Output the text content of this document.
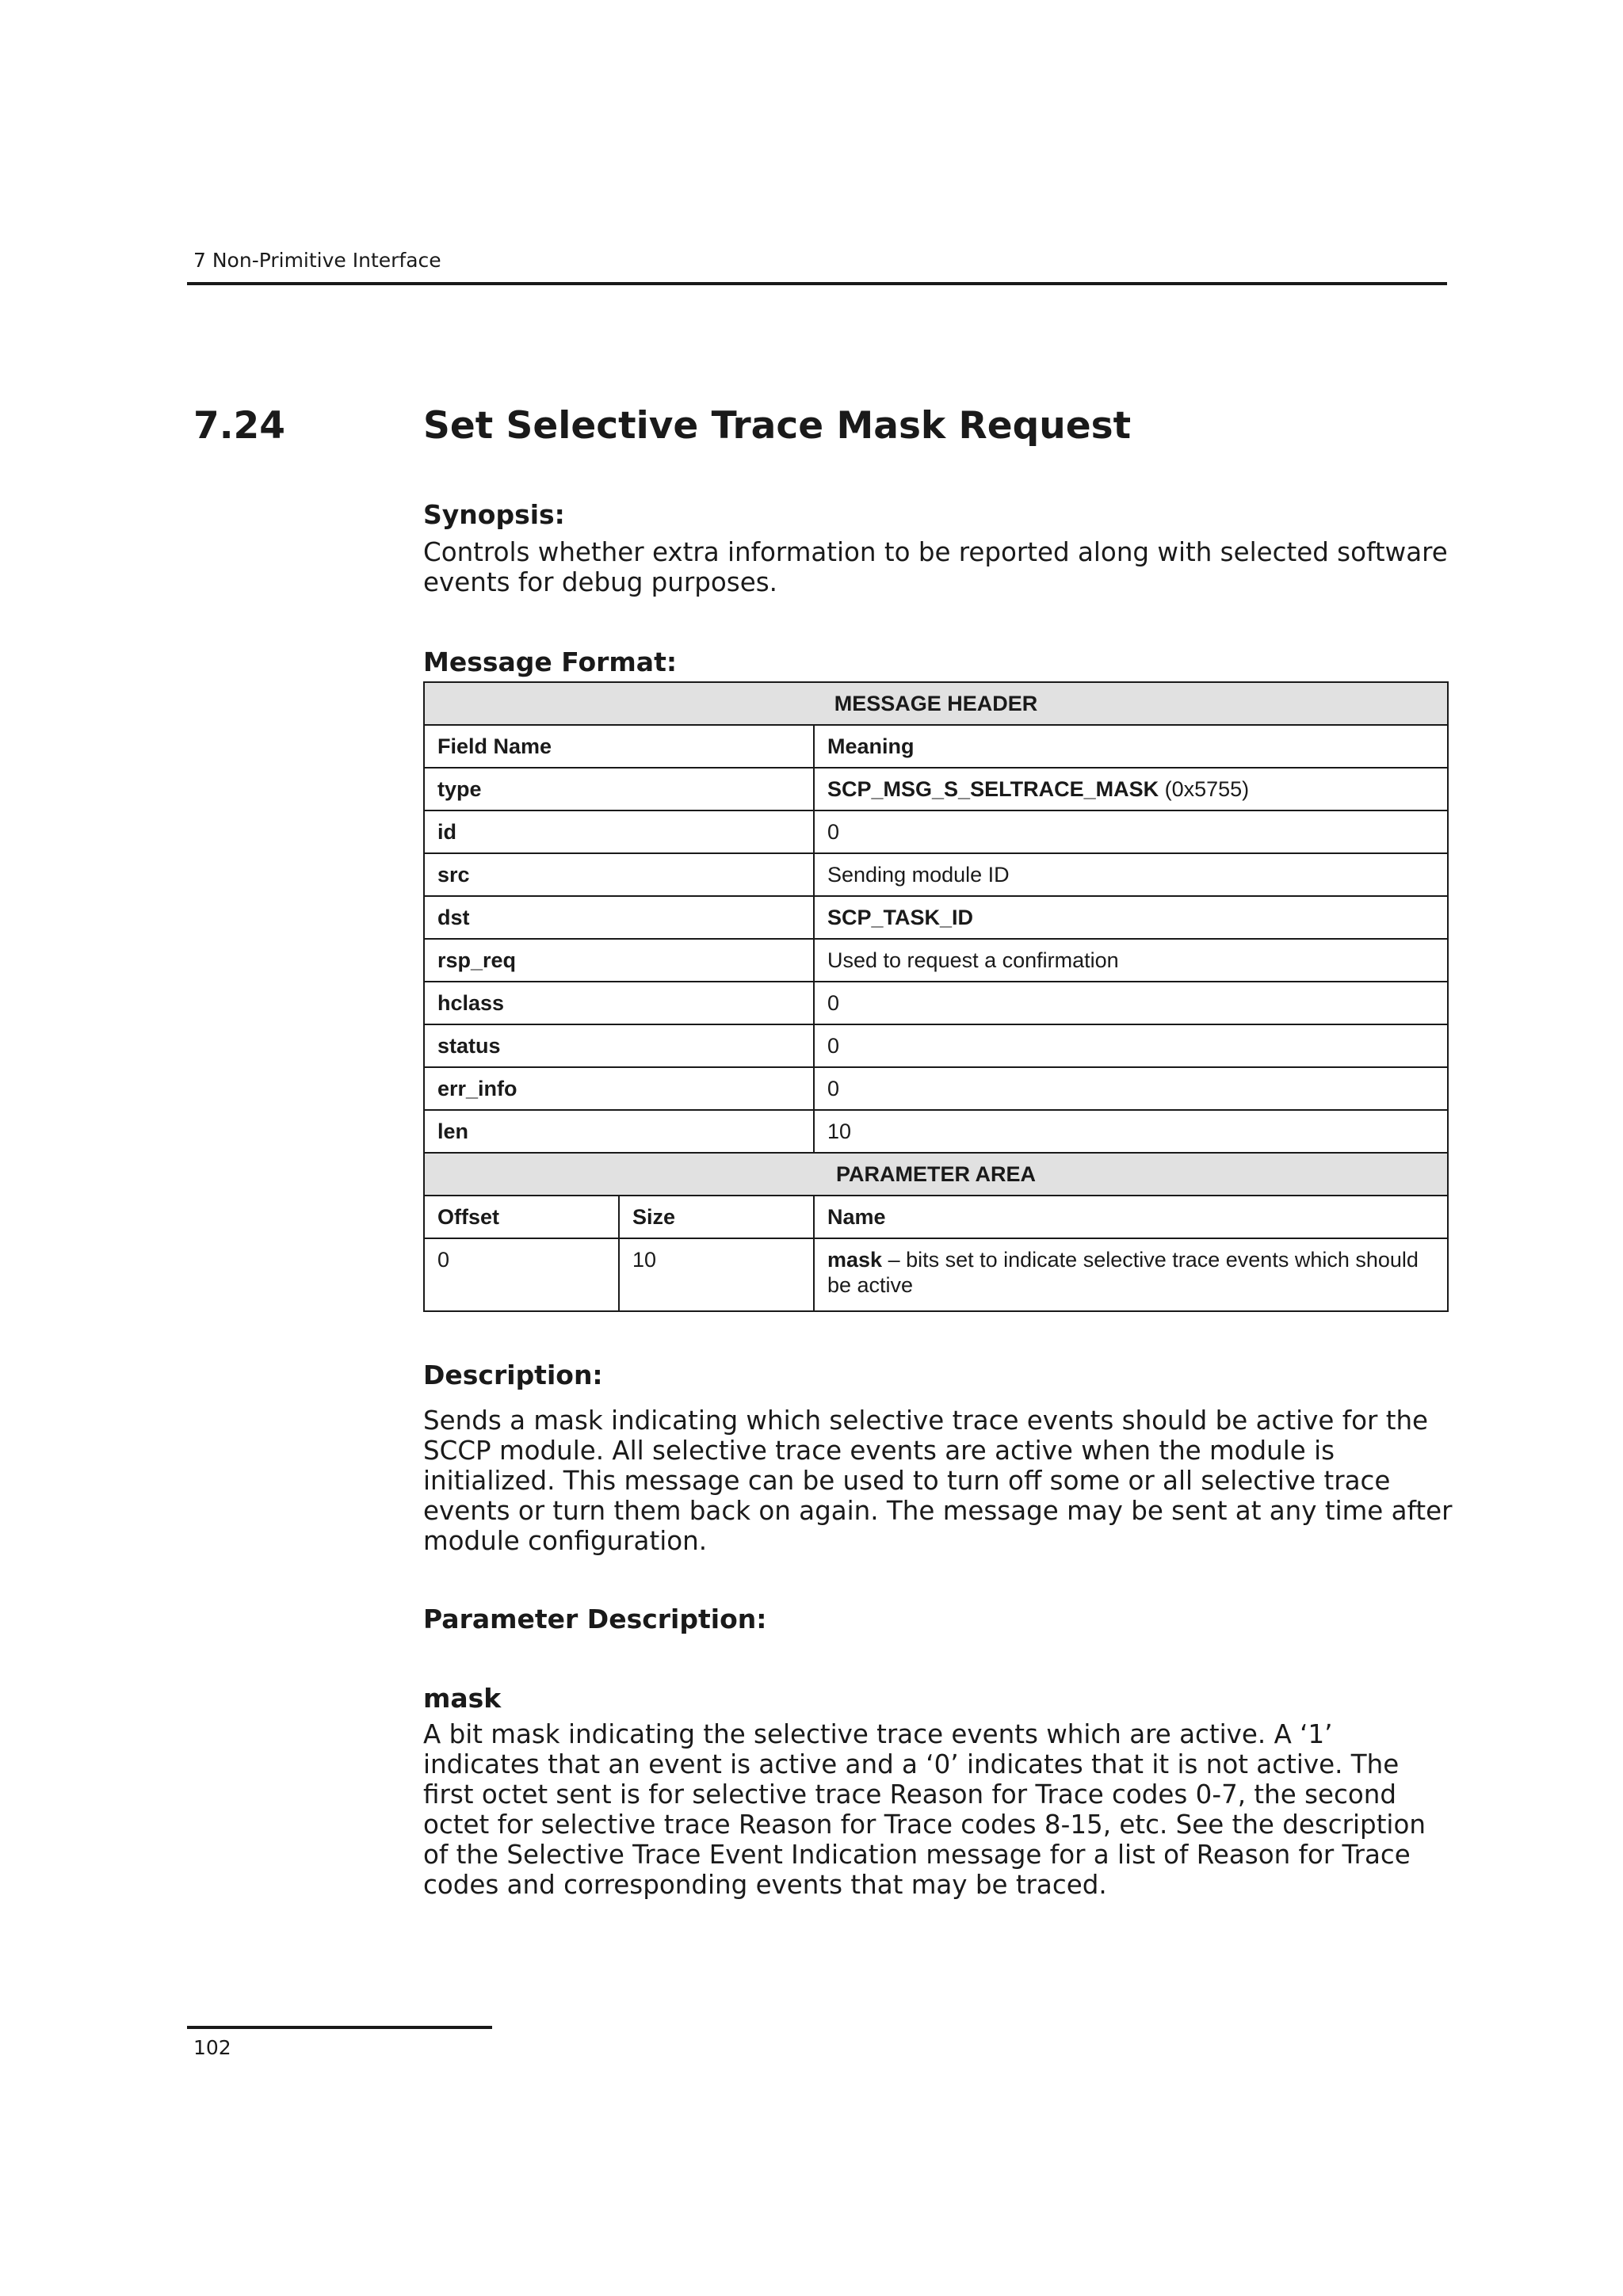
7 Non-Primitive Interface
7.24	Set Selective Trace Mask Request
Synopsis:
Controls whether extra information to be reported along with selected software events for debug purposes.
Message Format:
MESSAGE HEADER		
Field Name		Meaning
type		SCP_MSG_S_SELTRACE_MASK (0x5755)
id		0
src		Sending module ID
dst		SCP_TASK_ID
rsp_req		Used to request a confirmation
hclass		0
status		0
err_info		0
len		10
PARAMETER AREA		
Offset	Size	Name
0	10	mask – bits set to indicate selective trace events which should be active
Description:
Sends a mask indicating which selective trace events should be active for the SCCP module. All selective trace events are active when the module is initialized. This message can be used to turn off some or all selective trace events or turn them back on again. The message may be sent at any time after module configuration.
Parameter Description:
mask
A bit mask indicating the selective trace events which are active. A ‘1’ indicates that an event is active and a ‘0’ indicates that it is not active. The first octet sent is for selective trace Reason for Trace codes 0-7, the second octet for selective trace Reason for Trace codes 8-15, etc. See the description of the Selective Trace Event Indication message for a list of Reason for Trace codes and corresponding events that may be traced.
102
